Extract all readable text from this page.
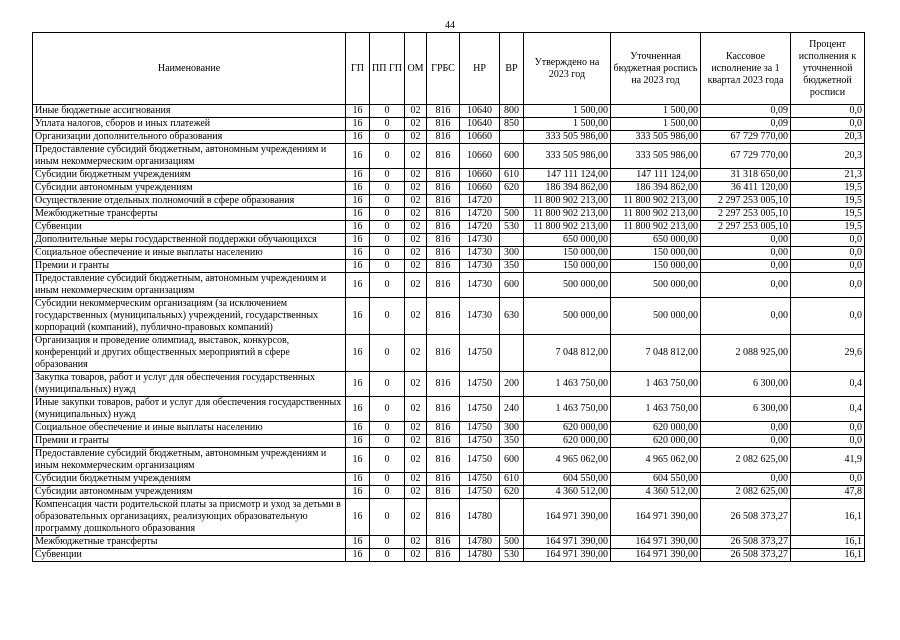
44
Наименование	ГП	ПП ГП	ОМ	ГРБС	НР	ВР	Утверждено на 2023 год	Уточненная бюджетная роспись на 2023 год	Кассовое исполнение за 1 квартал 2023 года	Процент исполнения к уточненной бюджетной росписи
Иные бюджетные ассигнования	16	0	02	816	10640	800	1 500,00	1 500,00	0,09	0,0
Уплата налогов, сборов и иных платежей	16	0	02	816	10640	850	1 500,00	1 500,00	0,09	0,0
Организации дополнительного образования	16	0	02	816	10660		333 505 986,00	333 505 986,00	67 729 770,00	20,3
Предоставление субсидий бюджетным, автономным учреждениям и иным некоммерческим организациям	16	0	02	816	10660	600	333 505 986,00	333 505 986,00	67 729 770,00	20,3
Субсидии бюджетным учреждениям	16	0	02	816	10660	610	147 111 124,00	147 111 124,00	31 318 650,00	21,3
Субсидии автономным учреждениям	16	0	02	816	10660	620	186 394 862,00	186 394 862,00	36 411 120,00	19,5
Осуществление отдельных полномочий в сфере образования	16	0	02	816	14720		11 800 902 213,00	11 800 902 213,00	2 297 253 005,10	19,5
Межбюджетные трансферты	16	0	02	816	14720	500	11 800 902 213,00	11 800 902 213,00	2 297 253 005,10	19,5
Субвенции	16	0	02	816	14720	530	11 800 902 213,00	11 800 902 213,00	2 297 253 005,10	19,5
Дополнительные меры государственной поддержки обучающихся	16	0	02	816	14730		650 000,00	650 000,00	0,00	0,0
Социальное обеспечение и иные выплаты населению	16	0	02	816	14730	300	150 000,00	150 000,00	0,00	0,0
Премии и гранты	16	0	02	816	14730	350	150 000,00	150 000,00	0,00	0,0
Предоставление субсидий бюджетным, автономным учреждениям и иным некоммерческим организациям	16	0	02	816	14730	600	500 000,00	500 000,00	0,00	0,0
Субсидии некоммерческим организациям (за исключением государственных (муниципальных) учреждений, государственных корпораций (компаний), публично-правовых компаний)	16	0	02	816	14730	630	500 000,00	500 000,00	0,00	0,0
Организация и проведение олимпиад, выставок, конкурсов, конференций и других общественных мероприятий в сфере образования	16	0	02	816	14750		7 048 812,00	7 048 812,00	2 088 925,00	29,6
Закупка товаров, работ и услуг для обеспечения государственных (муниципальных) нужд	16	0	02	816	14750	200	1 463 750,00	1 463 750,00	6 300,00	0,4
Иные закупки товаров, работ и услуг для обеспечения государственных (муниципальных) нужд	16	0	02	816	14750	240	1 463 750,00	1 463 750,00	6 300,00	0,4
Социальное обеспечение и иные выплаты населению	16	0	02	816	14750	300	620 000,00	620 000,00	0,00	0,0
Премии и гранты	16	0	02	816	14750	350	620 000,00	620 000,00	0,00	0,0
Предоставление субсидий бюджетным, автономным учреждениям и иным некоммерческим организациям	16	0	02	816	14750	600	4 965 062,00	4 965 062,00	2 082 625,00	41,9
Субсидии бюджетным учреждениям	16	0	02	816	14750	610	604 550,00	604 550,00	0,00	0,0
Субсидии автономным учреждениям	16	0	02	816	14750	620	4 360 512,00	4 360 512,00	2 082 625,00	47,8
Компенсация части родительской платы за присмотр и уход за детьми в образовательных организациях, реализующих образовательную программу дошкольного образования	16	0	02	816	14780		164 971 390,00	164 971 390,00	26 508 373,27	16,1
Межбюджетные трансферты	16	0	02	816	14780	500	164 971 390,00	164 971 390,00	26 508 373,27	16,1
Субвенции	16	0	02	816	14780	530	164 971 390,00	164 971 390,00	26 508 373,27	16,1
